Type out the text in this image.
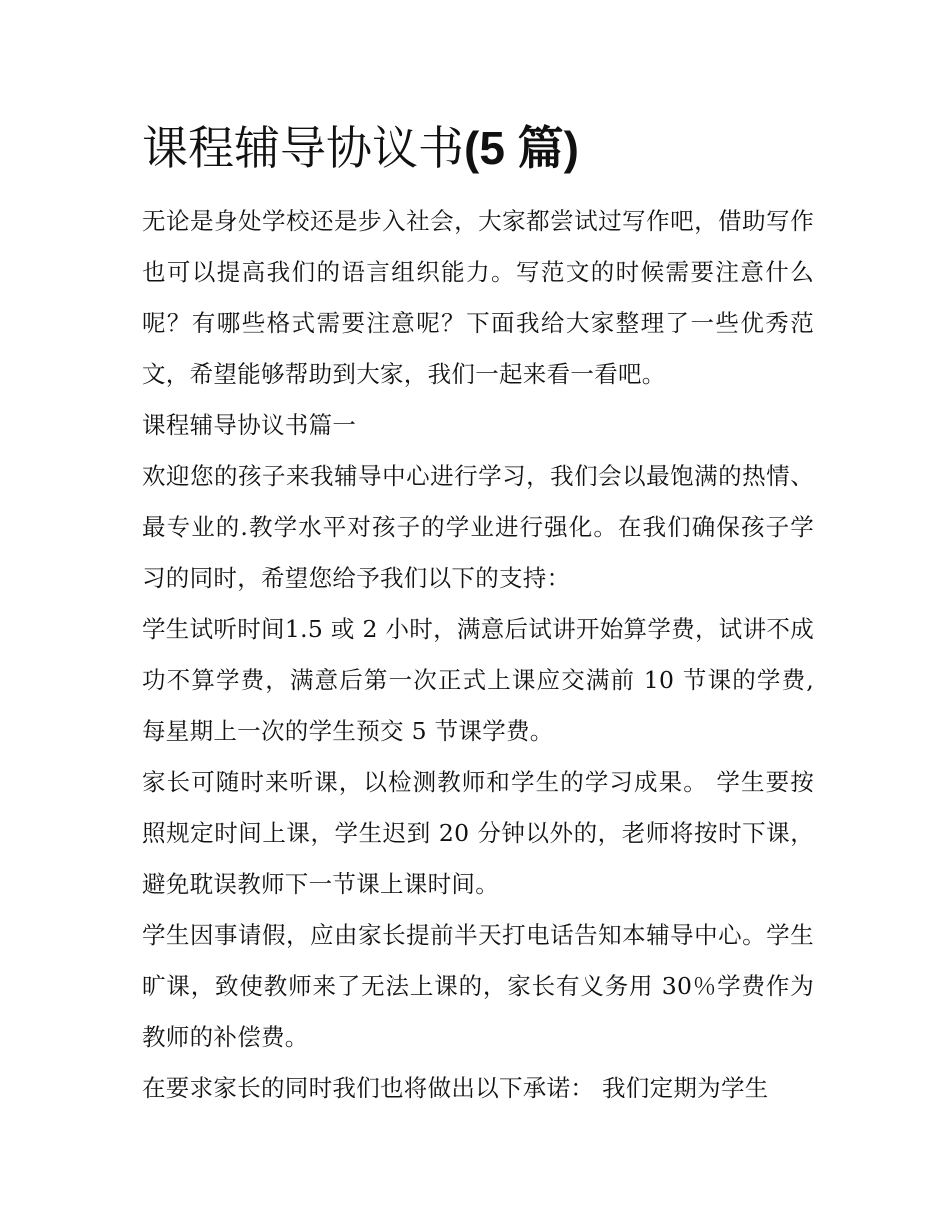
课程辅导协议书(5 篇)

无论是身处学校还是步入社会，大家都尝试过写作吧，借助写作也可以提高我们的语言组织能力。写范文的时候需要注意什么呢？有哪些格式需要注意呢？下面我给大家整理了一些优秀范文，希望能够帮助到大家，我们一起来看一看吧。

课程辅导协议书篇一

欢迎您的孩子来我辅导中心进行学习，我们会以最饱满的热情、最专业的.教学水平对孩子的学业进行强化。在我们确保孩子学习的同时，希望您给予我们以下的支持：

学生试听时间1.5 或 2 小时，满意后试讲开始算学费，试讲不成功不算学费，满意后第一次正式上课应交满前 10 节课的学费,每星期上一次的学生预交 5 节课学费。

家长可随时来听课，以检测教师和学生的学习成果。 学生要按照规定时间上课，学生迟到 20 分钟以外的，老师将按时下课，避免耽误教师下一节课上课时间。

学生因事请假，应由家长提前半天打电话告知本辅导中心。学生旷课，致使教师来了无法上课的，家长有义务用 30％学费作为教师的补偿费。

在要求家长的同时我们也将做出以下承诺： 我们定期为学生
